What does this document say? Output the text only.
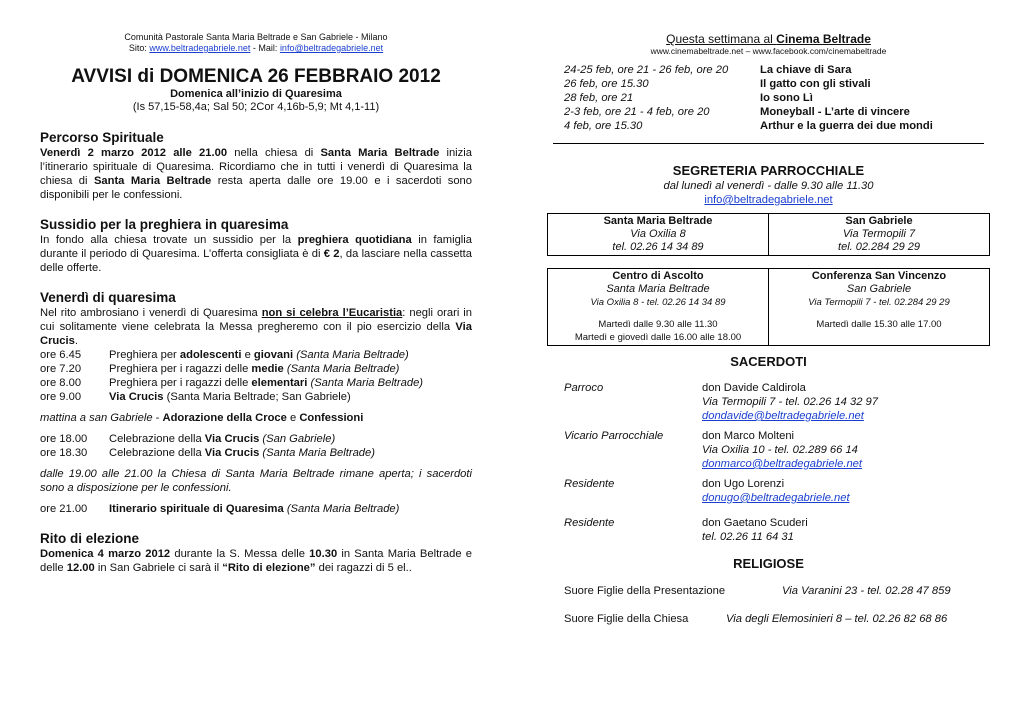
Comunità Pastorale Santa Maria Beltrade e San Gabriele - Milano
Sito: www.beltradegabriele.net - Mail: info@beltradegabriele.net
AVVISI di DOMENICA 26 FEBBRAIO 2012
Domenica all’inizio di Quaresima
(Is 57,15-58,4a; Sal 50; 2Cor 4,16b-5,9; Mt 4,1-11)
Percorso Spirituale

Venerdì 2 marzo 2012 alle 21.00 nella chiesa di Santa Maria Beltrade inizia l’itinerario spirituale di Quaresima. Ricordiamo che in tutti i venerdì di Quaresima la chiesa di Santa Maria Beltrade resta aperta dalle ore 19.00 e i sacerdoti sono disponibili per le confessioni.

Sussidio per la preghiera in quaresima

In fondo alla chiesa trovate un sussidio per la preghiera quotidiana in famiglia durante il periodo di Quaresima. L’offerta consigliata è di € 2, da lasciare nella cassetta delle offerte.

Venerdì di quaresima

Nel rito ambrosiano i venerdì di Quaresima non si celebra l’Eucaristia: negli orari in cui solitamente viene celebrata la Messa pregheremo con il pio esercizio della Via Crucis.

ore 6.45	Preghiera per adolescenti e giovani (Santa Maria Beltrade)
ore 7.20	Preghiera per i ragazzi delle medie (Santa Maria Beltrade)
ore 8.00	Preghiera per i ragazzi delle elementari (Santa Maria Beltrade)
ore 9.00	Via Crucis (Santa Maria Beltrade; San Gabriele)
mattina a san Gabriele - Adorazione della Croce e Confessioni
ore 18.00	Celebrazione della Via Crucis (San Gabriele)
ore 18.30	Celebrazione della Via Crucis (Santa Maria Beltrade)

dalle 19.00 alle 21.00 la Chiesa di Santa Maria Beltrade rimane aperta; i sacerdoti sono a disposizione per le confessioni.

ore 21.00	Itinerario spirituale di Quaresima (Santa Maria Beltrade)
Rito di elezione

Domenica 4 marzo 2012 durante la S. Messa delle 10.30 in Santa Maria Beltrade e delle 12.00 in San Gabriele ci sarà il “Rito di elezione” dei ragazzi di 5 el..

Questa settimana al Cinema Beltrade
www.cinemabeltrade.net – www.facebook.com/cinemabeltrade
24-25 feb, ore 21 - 26 feb, ore 20	La chiave di Sara
26 feb, ore 15.30	Il gatto con gli stivali
28 feb, ore 21	Io sono Lì
2-3 feb, ore 21 - 4 feb, ore 20	Moneyball - L’arte di vincere
4 feb, ore 15.30	Arthur e la guerra dei due mondi
SEGRETERIA PARROCCHIALE
dal lunedì al venerdì - dalle 9.30 alle 11.30
info@beltradegabriele.net
Santa Maria Beltrade
Via Oxilia 8
tel. 02.26 14 34 89
San Gabriele
Via Termopili 7
tel. 02.284 29 29
Centro di Ascolto
Santa Maria Beltrade
Via Oxilia 8 - tel. 02.26 14 34 89
Martedì dalle 9.30 alle 11.30
Martedì e giovedì dalle 16.00 alle 18.00
Conferenza San Vincenzo
San Gabriele
Via Termopili 7 - tel. 02.284 29 29
Martedì dalle 15.30 alle 17.00
SACERDOTI
Parroco	don Davide Caldirola
Via Termopili 7 - tel. 02.26 14 32 97
dondavide@beltradegabriele.net
Vicario Parrocchiale	don Marco Molteni
Via Oxilia 10 - tel. 02.289 66 14
donmarco@beltradegabriele.net
Residente	don Ugo Lorenzi
donugo@beltradegabriele.net
Residente	don Gaetano Scuderi
tel. 02.26 11 64 31
RELIGIOSE
Suore Figlie della Presentazione	Via Varanini 23 - tel. 02.28 47 859
Suore Figlie della Chiesa	Via degli Elemosinieri 8 – tel. 02.26 82 68 86
